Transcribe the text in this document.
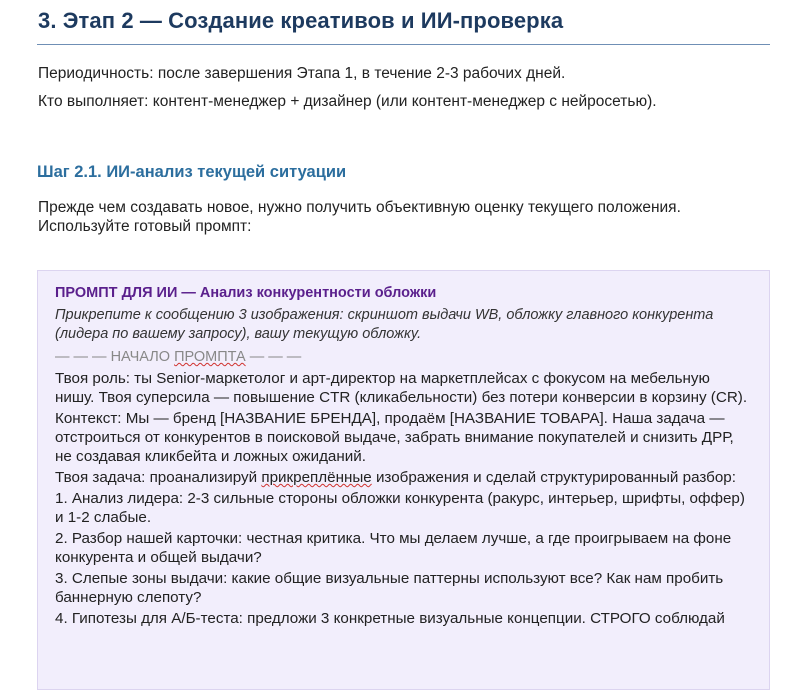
3. Этап 2 — Создание креативов и ИИ-проверка

Периодичность: после завершения Этапа 1, в течение 2-3 рабочих дней.

Кто выполняет: контент-менеджер + дизайнер (или контент-менеджер с нейросетью).

Шаг 2.1. ИИ-анализ текущей ситуации

Прежде чем создавать новое, нужно получить объективную оценку текущего положения. Используйте готовый промпт:

ПРОМПТ ДЛЯ ИИ — Анализ конкурентности обложки

Прикрепите к сообщению 3 изображения: скриншот выдачи WB, обложку главного конкурента (лидера по вашему запросу), вашу текущую обложку.

— — — НАЧАЛО ПРОМПТА — — —

Твоя роль: ты Senior-маркетолог и арт-директор на маркетплейсах с фокусом на мебельную нишу. Твоя суперсила — повышение CTR (кликабельности) без потери конверсии в корзину (CR).

Контекст: Мы — бренд [НАЗВАНИЕ БРЕНДА], продаём [НАЗВАНИЕ ТОВАРА]. Наша задача — отстроиться от конкурентов в поисковой выдаче, забрать внимание покупателей и снизить ДРР, не создавая кликбейта и ложных ожиданий.

Твоя задача: проанализируй прикреплённые изображения и сделай структурированный разбор:

1. Анализ лидера: 2-3 сильные стороны обложки конкурента (ракурс, интерьер, шрифты, оффер) и 1-2 слабые.

2. Разбор нашей карточки: честная критика. Что мы делаем лучше, а где проигрываем на фоне конкурента и общей выдачи?

3. Слепые зоны выдачи: какие общие визуальные паттерны используют все? Как нам пробить баннерную слепоту?

4. Гипотезы для А/Б-теста: предложи 3 конкретные визуальные концепции. СТРОГО соблюдай
